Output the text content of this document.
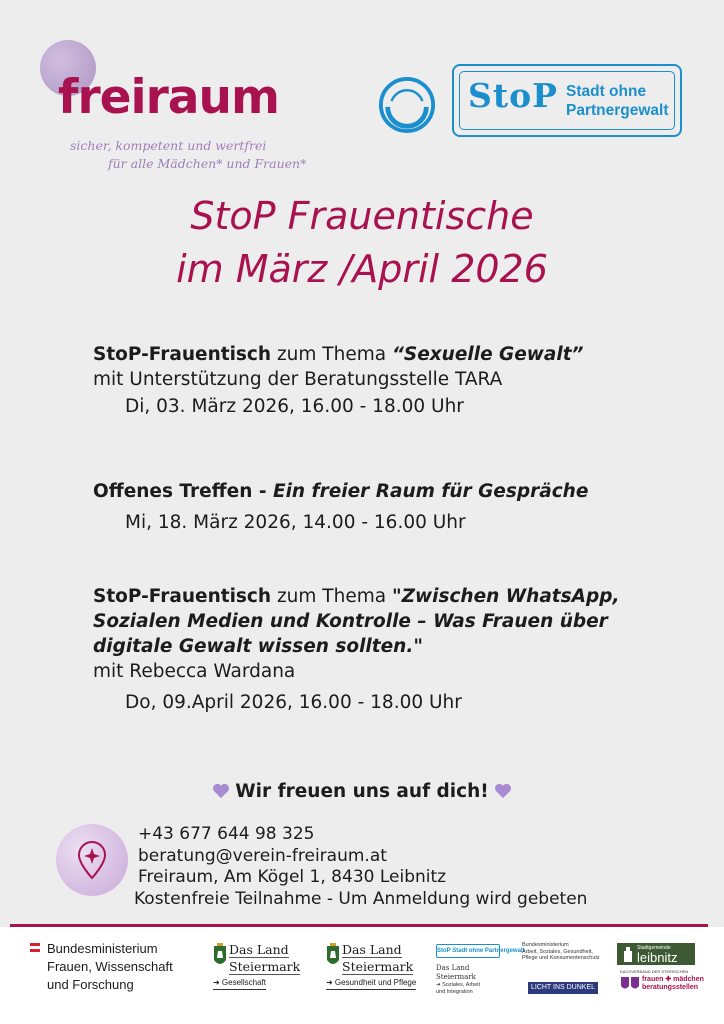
freiraum
sicher, kompetent und wertfrei
für alle Mädchen* und Frauen*
StoP Stadt ohne
Partnergewalt
StoP Frauentische
im März /April 2026

StoP-Frauentisch zum Thema “Sexuelle Gewalt”

mit Unterstützung der Beratungsstelle TARA

Di, 03. März 2026, 16.00 - 18.00 Uhr

Offenes Treffen - Ein freier Raum für Gespräche

Mi, 18. März 2026, 14.00 - 16.00 Uhr

StoP-Frauentisch zum Thema "Zwischen WhatsApp,

Sozialen Medien und Kontrolle – Was Frauen über

digitale Gewalt wissen sollten."

mit Rebecca Wardana

Do, 09.April 2026, 16.00 - 18.00 Uhr
Wir freuen uns auf dich!
+43 677 644 98 325
beratung@verein-freiraum.at
Freiraum, Am Kögel 1, 8430 Leibnitz
Kostenfreie Teilnahme - Um Anmeldung wird gebeten
Bundesministerium
Frauen, Wissenschaft
und Forschung
Das Land
Steiermark
➜ Gesellschaft
Das Land
Steiermark
➜ Gesundheit und Pflege
StoP Stadt ohne Partnergewalt
Das Land Steiermark
➜ Soziales, Arbeit und Integration
Bundesministerium
Arbeit, Soziales, Gesundheit,
Pflege und Konsumentenschutz
LICHT INS DUNKEL
Stadtgemeinde
leibnitz
DACHVERBAND DER STEIRISCHEN
frauen ✚ mädchen
beratungsstellen
